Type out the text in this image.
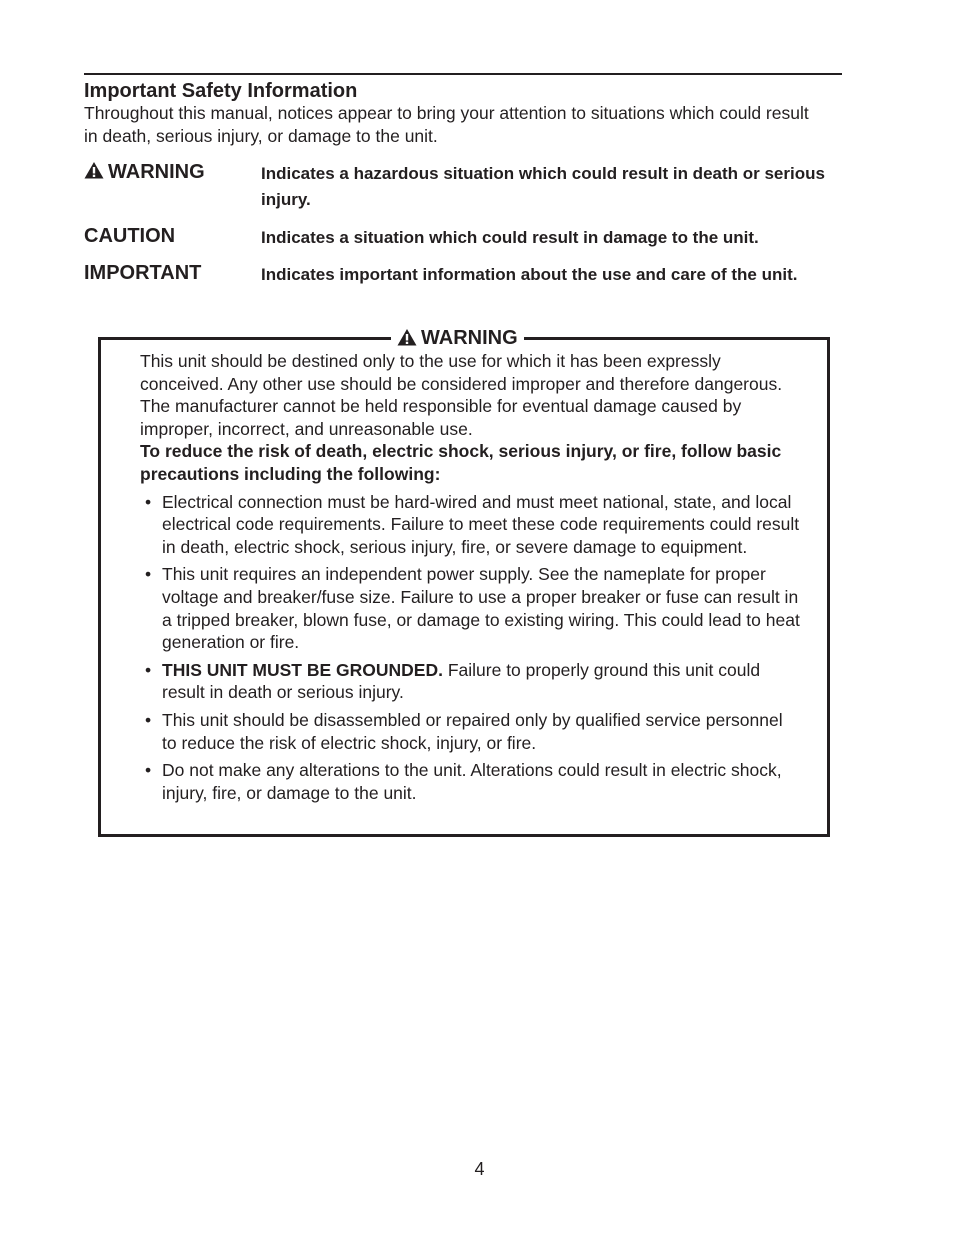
Important Safety Information
Throughout this manual, notices appear to bring your attention to situations which could result in death, serious injury, or damage to the unit.
WARNING	Indicates a hazardous situation which could result in death or serious injury.
CAUTION	Indicates a situation which could result in damage to the unit.
IMPORTANT	Indicates important information about the use and care of the unit.
WARNING

This unit should be destined only to the use for which it has been expressly conceived. Any other use should be considered improper and therefore dangerous. The manufacturer cannot be held responsible for eventual damage caused by improper, incorrect, and unreasonable use.

To reduce the risk of death, electric shock, serious injury, or fire, follow basic precautions including the following:

• Electrical connection must be hard-wired and must meet national, state, and local electrical code requirements. Failure to meet these code requirements could result in death, electric shock, serious injury, fire, or severe damage to equipment.
• This unit requires an independent power supply. See the nameplate for proper voltage and breaker/fuse size. Failure to use a proper breaker or fuse can result in a tripped breaker, blown fuse, or damage to existing wiring. This could lead to heat generation or fire.
• THIS UNIT MUST BE GROUNDED. Failure to properly ground this unit could result in death or serious injury.
• This unit should be disassembled or repaired only by qualified service personnel to reduce the risk of electric shock, injury, or fire.
• Do not make any alterations to the unit. Alterations could result in electric shock, injury, fire, or damage to the unit.
4
